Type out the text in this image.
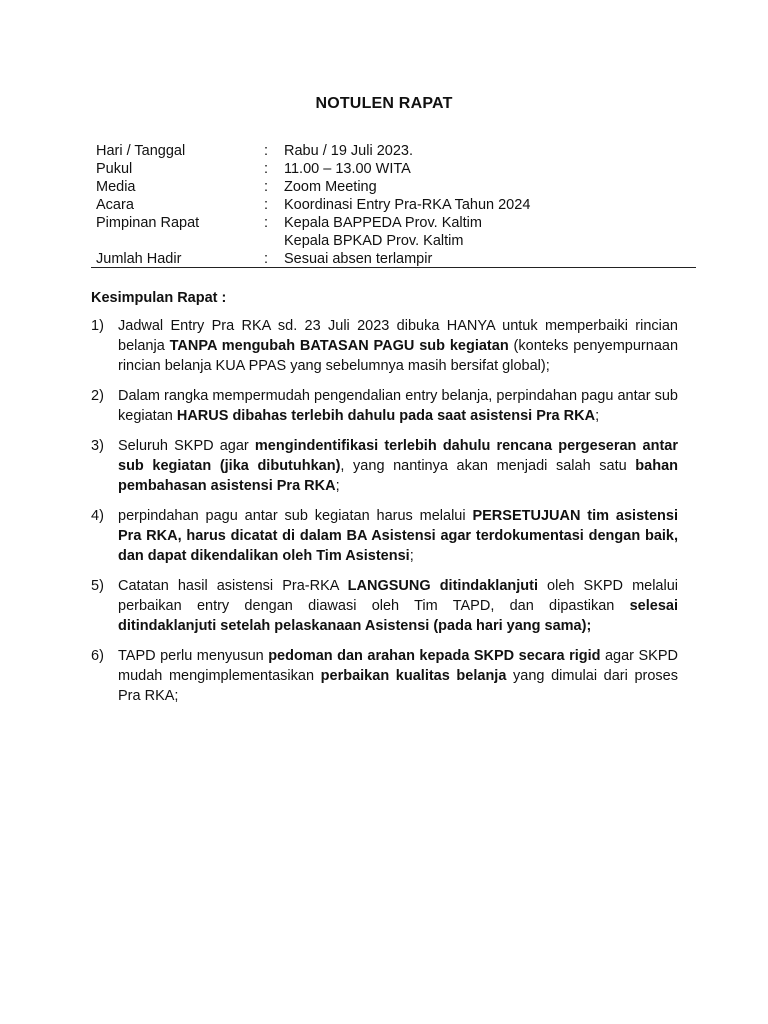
NOTULEN RAPAT
Hari / Tanggal	:	Rabu / 19 Juli 2023.
Pukul	:	11.00 – 13.00 WITA
Media	:	Zoom Meeting
Acara	:	Koordinasi Entry Pra-RKA Tahun 2024
Pimpinan Rapat	:	Kepala BAPPEDA Prov. Kaltim
Kepala BPKAD Prov. Kaltim
Jumlah Hadir	:	Sesuai absen terlampir
Kesimpulan Rapat :
1) Jadwal Entry Pra RKA sd. 23 Juli 2023 dibuka HANYA untuk memperbaiki rincian belanja TANPA mengubah BATASAN PAGU sub kegiatan (konteks penyempurnaan rincian belanja KUA PPAS yang sebelumnya masih bersifat global);
2) Dalam rangka mempermudah pengendalian entry belanja, perpindahan pagu antar sub kegiatan HARUS dibahas terlebih dahulu pada saat asistensi Pra RKA;
3) Seluruh SKPD agar mengindentifikasi terlebih dahulu rencana pergeseran antar sub kegiatan (jika dibutuhkan), yang nantinya akan menjadi salah satu bahan pembahasan asistensi Pra RKA;
4) perpindahan pagu antar sub kegiatan harus melalui PERSETUJUAN tim asistensi Pra RKA, harus dicatat di dalam BA Asistensi agar terdokumentasi dengan baik, dan dapat dikendalikan oleh Tim Asistensi;
5) Catatan hasil asistensi Pra-RKA LANGSUNG ditindaklanjuti oleh SKPD melalui perbaikan entry dengan diawasi oleh Tim TAPD, dan dipastikan selesai ditindaklanjuti setelah pelaskanaan Asistensi (pada hari yang sama);
6) TAPD perlu menyusun pedoman dan arahan kepada SKPD secara rigid agar SKPD mudah mengimplementasikan perbaikan kualitas belanja yang dimulai dari proses Pra RKA;
